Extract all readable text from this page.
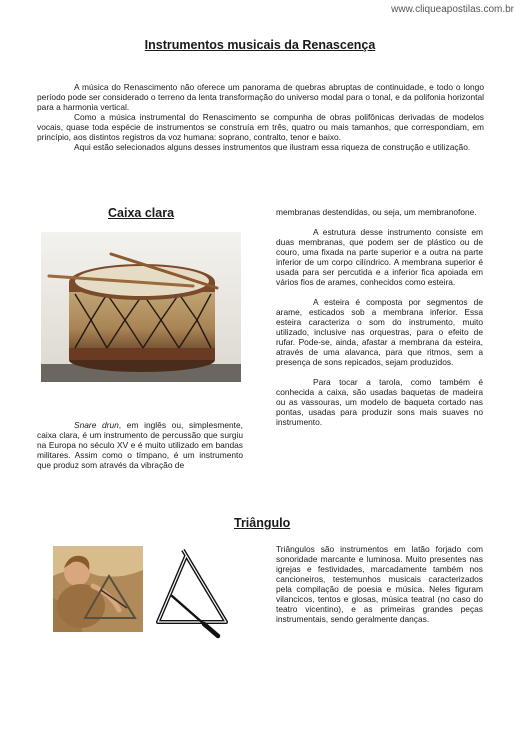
www.cliqueapostilas.com.br
Instrumentos musicais da Renascença

A música do Renascimento não oferece um panorama de quebras abruptas de continuidade, e todo o longo período pode ser considerado o terreno da lenta transformação do universo modal para o tonal, e da polifonia horizontal para a harmonia vertical.

Como a música instrumental do Renascimento se compunha de obras polifônicas derivadas de modelos vocais, quase toda espécie de instrumentos se construía em três, quatro ou mais tamanhos, que correspondiam, em princípio, aos distintos registros da voz humana: soprano, contralto, tenor e baixo.

Aqui estão selecionados alguns desses instrumentos que ilustram essa riqueza de construção e utilização.

Caixa clara

Snare drun, em inglês ou, simplesmente, caixa clara, é um instrumento de percussão que surgiu na Europa no século XV e é muito utilizado em bandas militares. Assim como o tímpano, é um instrumento que produz som através da vibração de

membranas destendidas, ou seja, um membranofone.

A estrutura desse instrumento consiste em duas membranas, que podem ser de plástico ou de couro, uma fixada na parte superior e a outra na parte inferior de um corpo cilíndrico. A membrana superior é usada para ser percutida e a inferior fica apoiada em vários fios de arames, conhecidos como esteira.

A esteira é composta por segmentos de arame, esticados sob a membrana inferior. Essa esteira caracteriza o som do instrumento, muito utilizado, inclusive nas orquestras, para o efeito de rufar. Pode-se, ainda, afastar a membrana da esteira, através de uma alavanca, para que ritmos, sem a presença de sons repicados, sejam produzidos.

Para tocar a tarola, como também é conhecida a caixa, são usadas baquetas de madeira ou as vassouras, um modelo de baqueta cortado nas pontas, usadas para produzir sons mais suaves no instrumento.

Triângulo

Triângulos são instrumentos em latão forjado com sonoridade marcante e luminosa. Muito presentes nas igrejas e festividades, marcadamente também nos cancioneiros, testemunhos musicais caracterizados pela compilação de poesia e música. Neles figuram vilancicos, tentos e glosas, música teatral (no caso do teatro vicentino), e as primeiras grandes peças instrumentais, sendo geralmente danças.
